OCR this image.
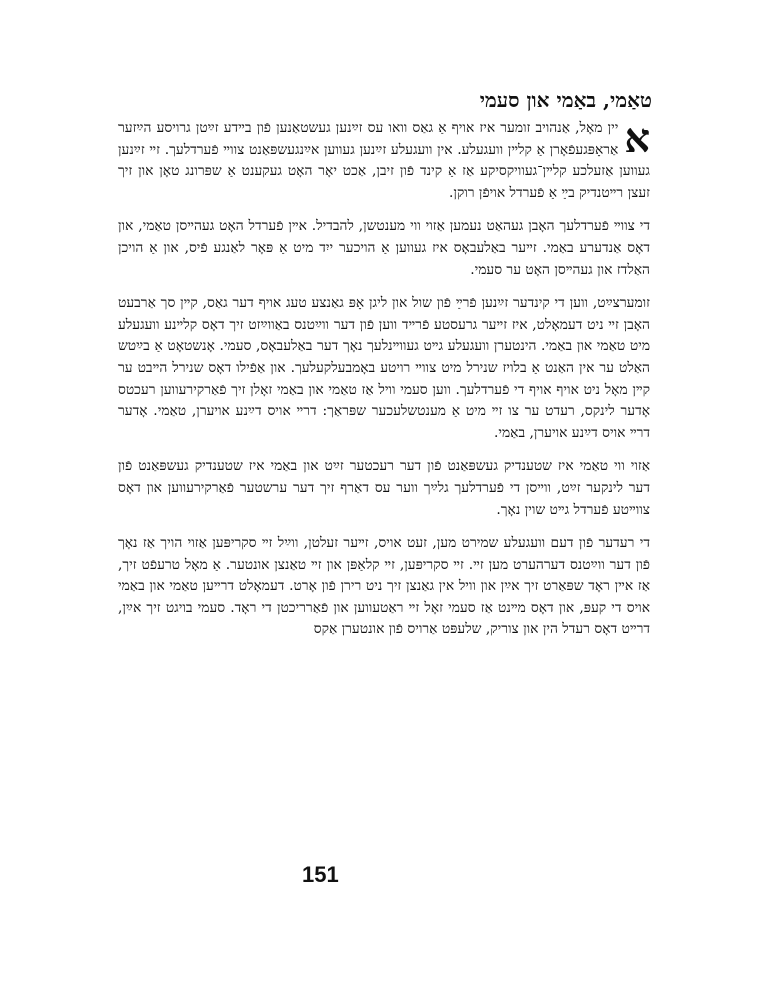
טאַמי, באַמי און סעמי

א
יין מאָל, אַנהויב זומער איז אויף אַ גאַס וואו עס זײַנען געשטאַנען פֿון בײדע זײַטן גרויסע הײַזער אַראָפּגעפֿאָרן אַ קלײן וועגעלע. אין וועגעלע זײַנען געווען אײַנגעשפּאַנט צווײ פֿערדלעך. זײ זײַנען געווען אַזעלכע קלײן־געוויקסיקע אַז אַ קינד פֿון זיבן, אַכט יאָר האָט געקענט אַ שפּרונג טאָן און זיך זעצן רײטנדיק בײַ אַ פֿערדל אויפֿן רוקן.

די צווײ פֿערדלעך האָבן געהאַט נעמען אַזוי ווי מענטשן, להבדיל. אײן פֿערדל האָט געהײסן טאַמי, און דאָס אַנדערע באַמי. זײער באַלעבאָס איז געווען אַ הויכער ייִד מיט אַ פּאָר לאַנגע פֿיס, און אַ הויכן האַלדז און געהײסן האָט ער סעמי.

זומערצײַט, ווען די קינדער זײַנען פֿרײַ פֿון שול און ליגן אָפּ גאַנצע טעג אויף דער גאַס, קײן סך אַרבעט האָבן זײ ניט דעמאָלט, איז זײער גרעסטע פֿרײד ווען פֿון דער ווײַטנס באַווײַזט זיך דאָס קלײנע וועגעלע מיט טאַמי און באַמי. הינטערן וועגעלע גײט געווײנלעך נאָך דער באַלעבאָס, סעמי. אָנשטאָט אַ בײַטש האַלט ער אין האַנט אַ בלויז שנירל מיט צווײ רויטע באָמבעלקעלעך. און אַפֿילו דאָס שנירל הײבט ער קײן מאָל ניט אויף אויף די פֿערדלעך. ווען סעמי וויל אַז טאַמי און באַמי זאָלן זיך פֿאַרקירעווען רעכטס אָדער לינקס, רעדט ער צו זײ מיט אַ מענטשלעכער שפּראַך: דרײ אויס דײַנע אויערן, טאַמי. אָדער דרײ אויס דײַנע אויערן, באַמי.

אַזוי ווי טאַמי איז שטענדיק געשפּאַנט פֿון דער רעכטער זײַט און באַמי איז שטענדיק געשפּאַנט פֿון דער לינקער זײַט, ווײסן די פֿערדלעך גלײַך ווער עס דאַרף זיך דער ערשטער פֿאַרקירעווען און דאָס צווײטע פֿערדל גײט שוין נאָך.

די רעדער פֿון דעם וועגעלע שמירט מען, זעט אויס, זײער זעלטן, ווײַל זײ סקריפּען אַזוי הויך אַז נאָך פֿון דער ווײַטנס דערהערט מען זײ. זײ סקריפּען, זײ קלאַפּן און זײ טאַנצן אונטער. אַ מאָל טרעפֿט זיך, אַז אײן ראָד שפּאַרט זיך אײַן און וויל אין גאַנצן זיך ניט רירן פֿון אָרט. דעמאָלט דרײען טאַמי און באַמי אויס די קעפּ, און דאָס מײנט אַז סעמי זאָל זײ ראַטעווען און פֿאַרריכטן די ראָד. סעמי בויגט זיך אײַן, דרײט דאָס רעדל הין און צוריק, שלעפּט אַרויס פֿון אונטערן אַקס

151
